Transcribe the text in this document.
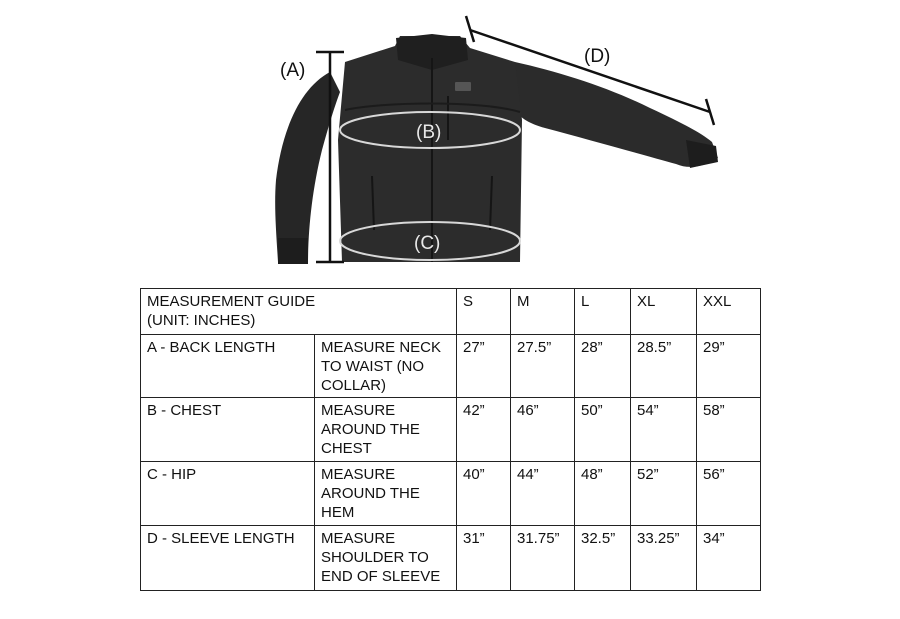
(A)
(B)
(C)
(D)
MEASUREMENT GUIDE
(UNIT: INCHES)		S	M	L	XL	XXL
A - BACK LENGTH	MEASURE NECK TO WAIST (NO COLLAR)	27”	27.5”	28”	28.5”	29”
B - CHEST	MEASURE AROUND THE CHEST	42”	46”	50”	54”	58”
C - HIP	MEASURE AROUND THE HEM	40”	44”	48”	52”	56”
D - SLEEVE LENGTH	MEASURE SHOULDER TO END OF SLEEVE	31”	31.75”	32.5”	33.25”	34”
